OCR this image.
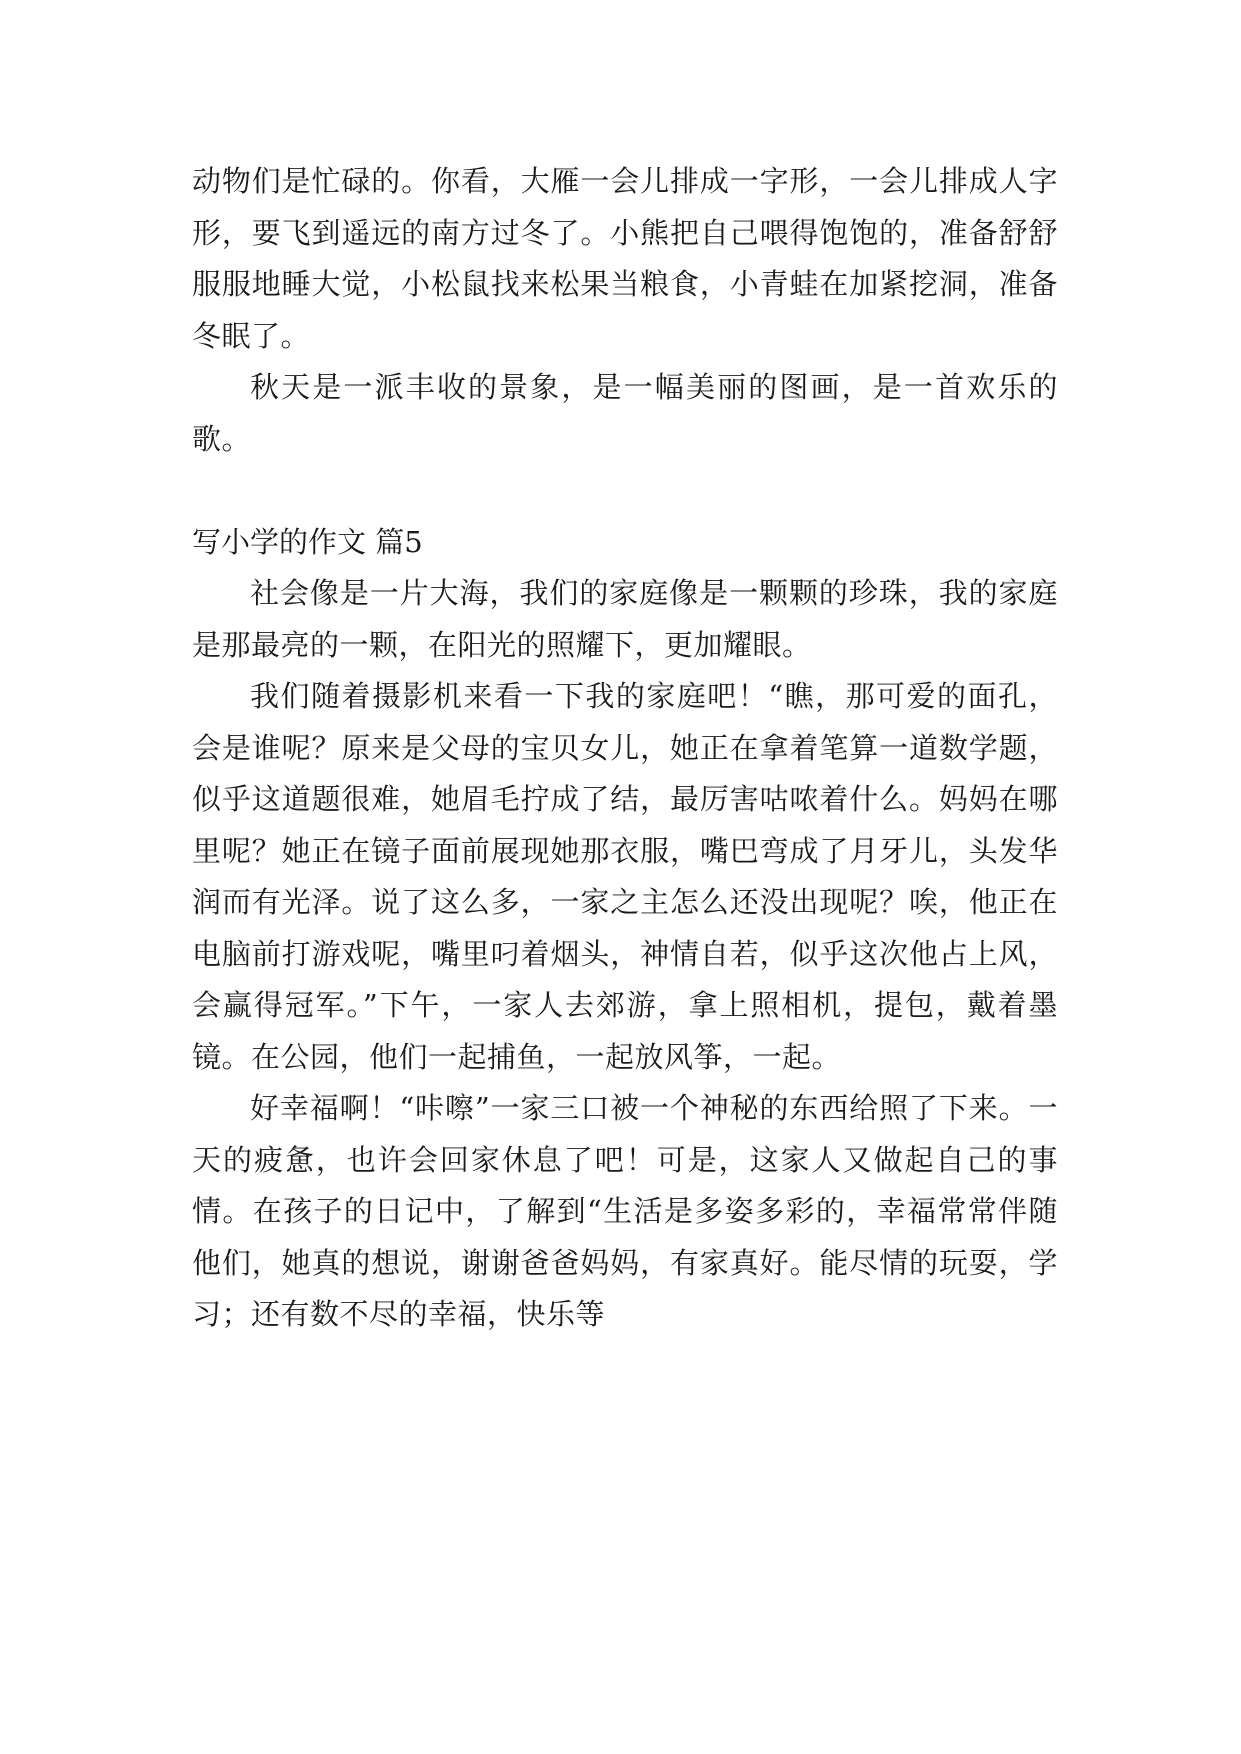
动物们是忙碌的。你看，大雁一会儿排成一字形，一会儿排成人字形，要飞到遥远的南方过冬了。小熊把自己喂得饱饱的，准备舒舒服服地睡大觉，小松鼠找来松果当粮食，小青蛙在加紧挖洞，准备冬眠了。

秋天是一派丰收的景象，是一幅美丽的图画，是一首欢乐的歌。

写小学的作文 篇5

社会像是一片大海，我们的家庭像是一颗颗的珍珠，我的家庭是那最亮的一颗，在阳光的照耀下，更加耀眼。

我们随着摄影机来看一下我的家庭吧！“瞧，那可爱的面孔，会是谁呢？原来是父母的宝贝女儿，她正在拿着笔算一道数学题，似乎这道题很难，她眉毛拧成了结，最厉害咕哝着什么。妈妈在哪里呢？她正在镜子面前展现她那衣服，嘴巴弯成了月牙儿，头发华润而有光泽。说了这么多，一家之主怎么还没出现呢？唉，他正在电脑前打游戏呢，嘴里叼着烟头，神情自若，似乎这次他占上风，会赢得冠军。”下午，一家人去郊游，拿上照相机，提包，戴着墨镜。在公园，他们一起捕鱼，一起放风筝，一起。

好幸福啊！“咔嚓”一家三口被一个神秘的东西给照了下来。一天的疲惫，也许会回家休息了吧！可是，这家人又做起自己的事情。在孩子的日记中，了解到“生活是多姿多彩的，幸福常常伴随他们，她真的想说，谢谢爸爸妈妈，有家真好。能尽情的玩耍，学习；还有数不尽的幸福，快乐等
